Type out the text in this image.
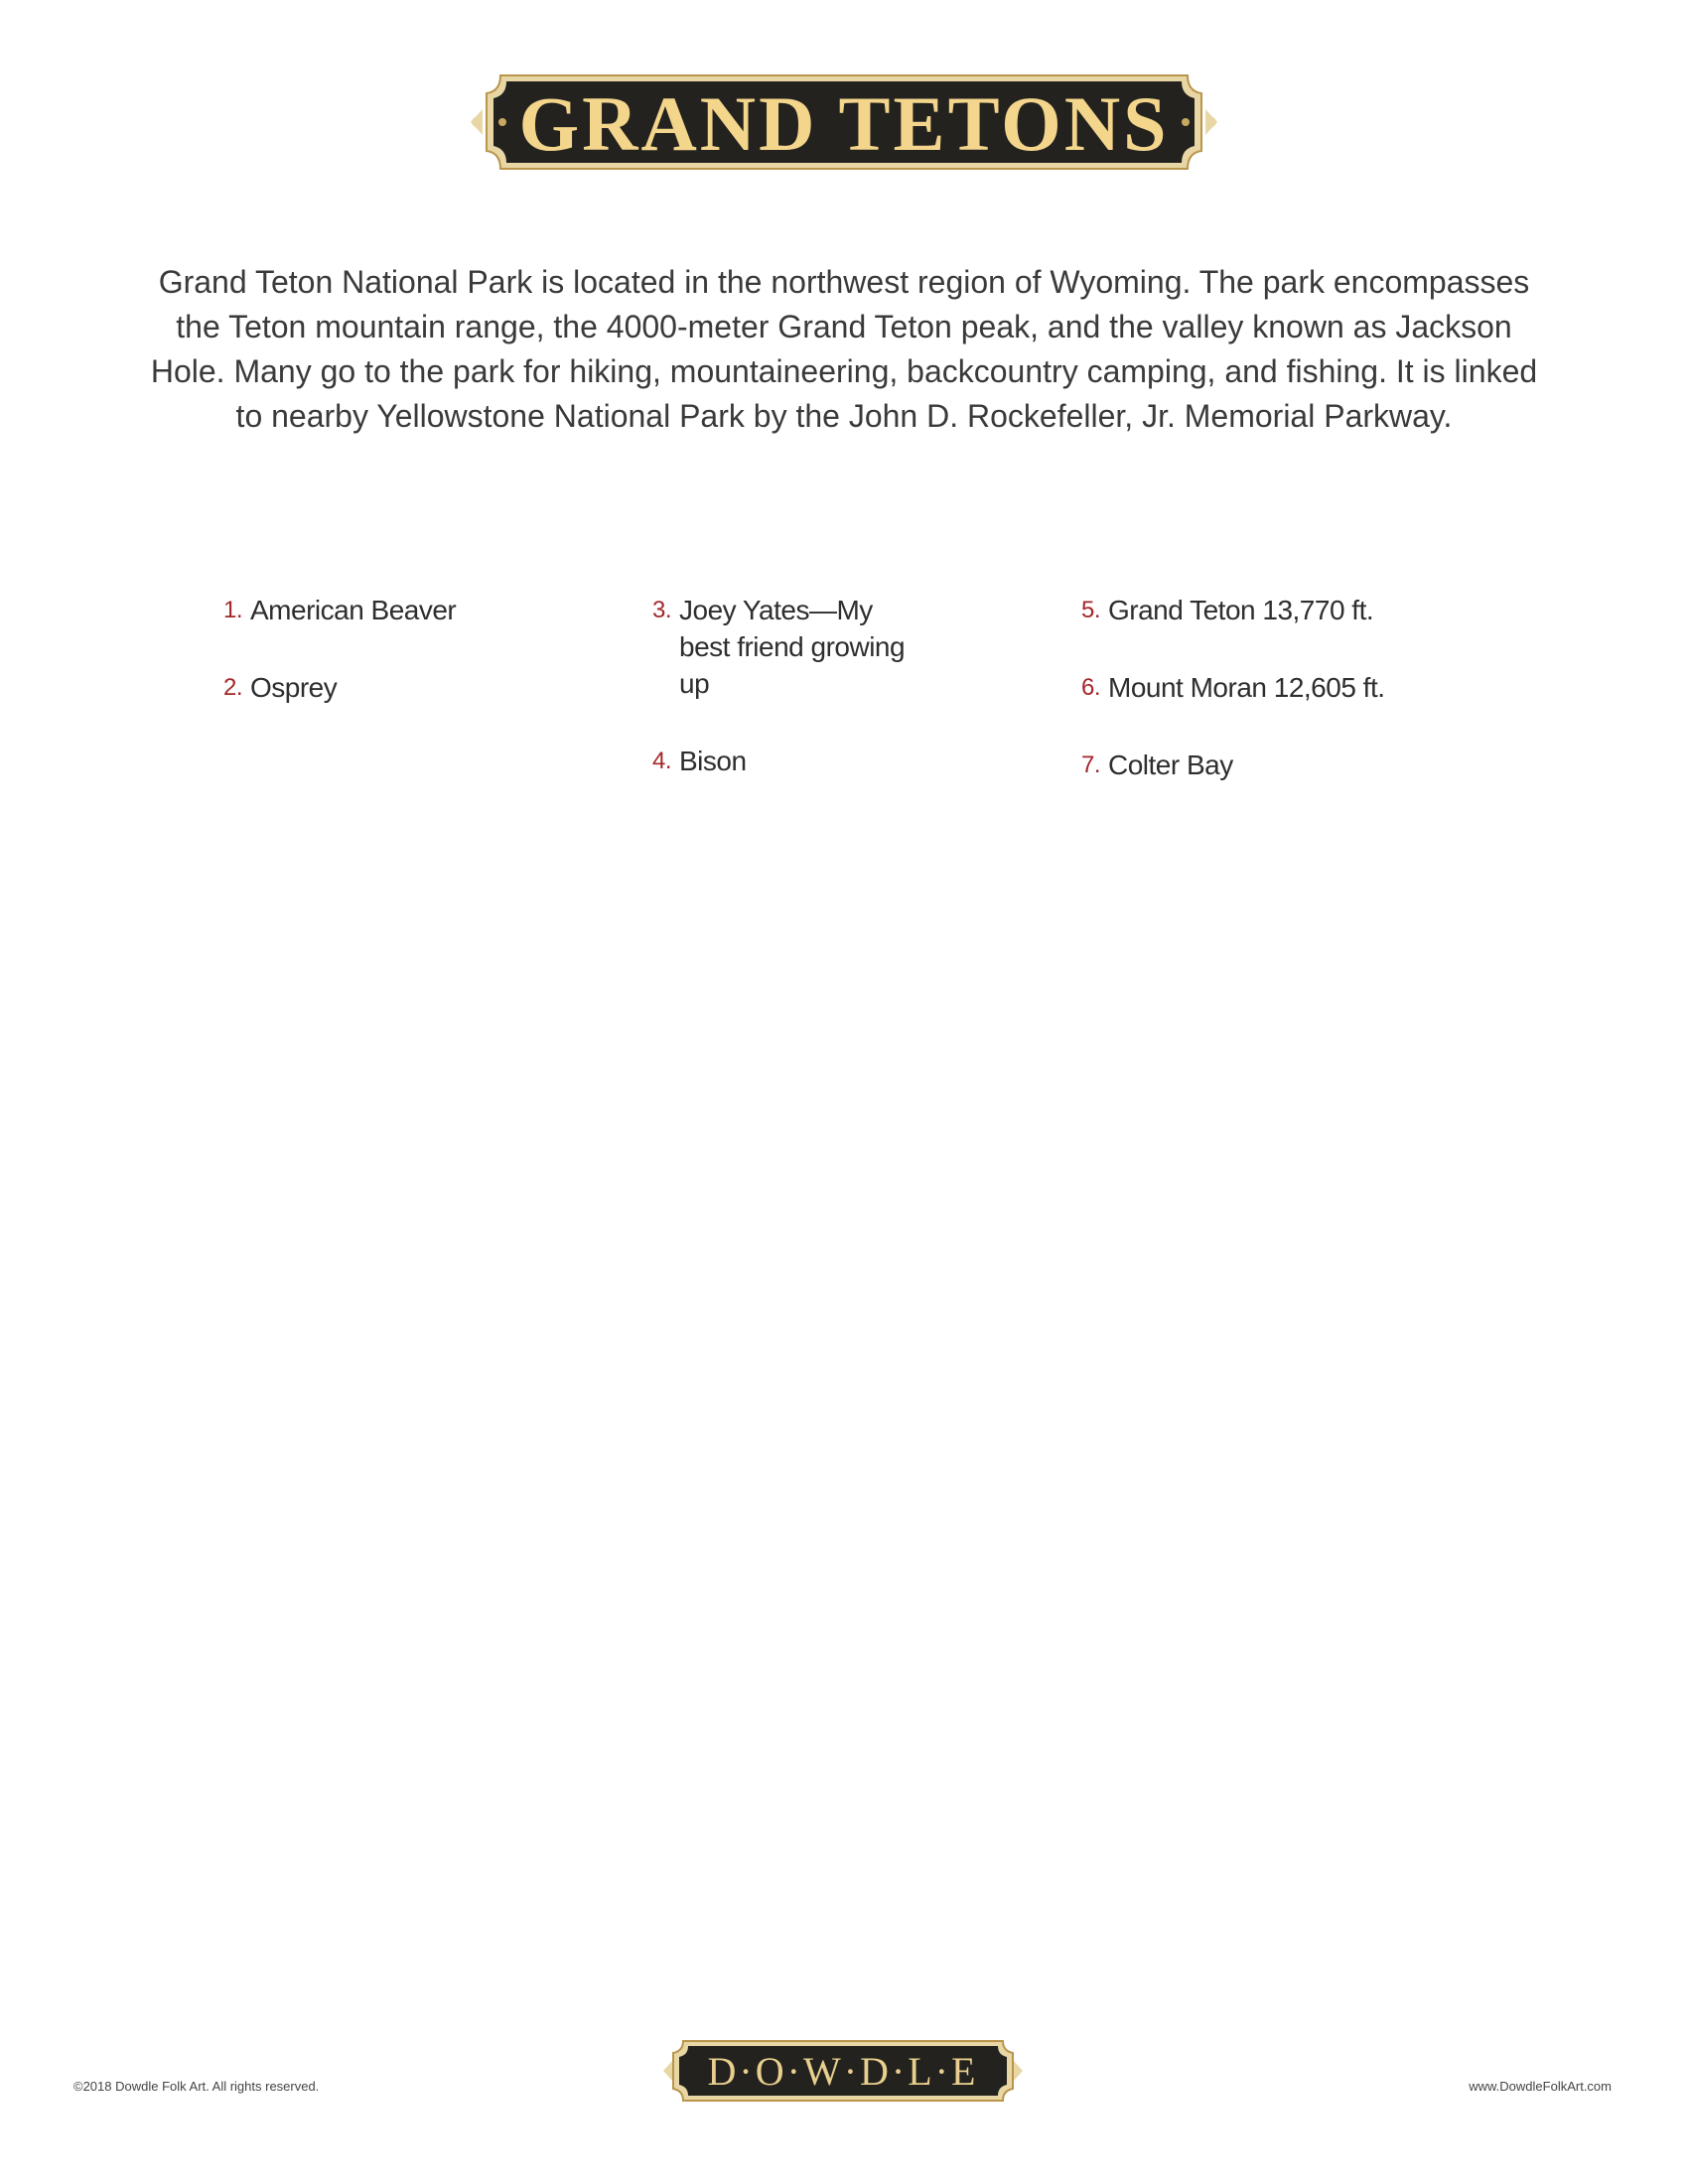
GRAND TETONS

Grand Teton National Park is located in the northwest region of Wyoming. The park encompasses the Teton mountain range, the 4000-meter Grand Teton peak, and the valley known as Jackson Hole. Many go to the park for hiking, mountaineering, backcountry camping, and fishing. It is linked to nearby Yellowstone National Park by the John D. Rockefeller, Jr. Memorial Parkway.

1. American Beaver
2. Osprey
3. Joey Yates—My best friend growing up
4. Bison
5. Grand Teton 13,770 ft.
6. Mount Moran 12,605 ft.
7. Colter Bay
©2018 Dowdle Folk Art. All rights reserved.	D·O·W·D·L·E	www.DowdleFolkArt.com
